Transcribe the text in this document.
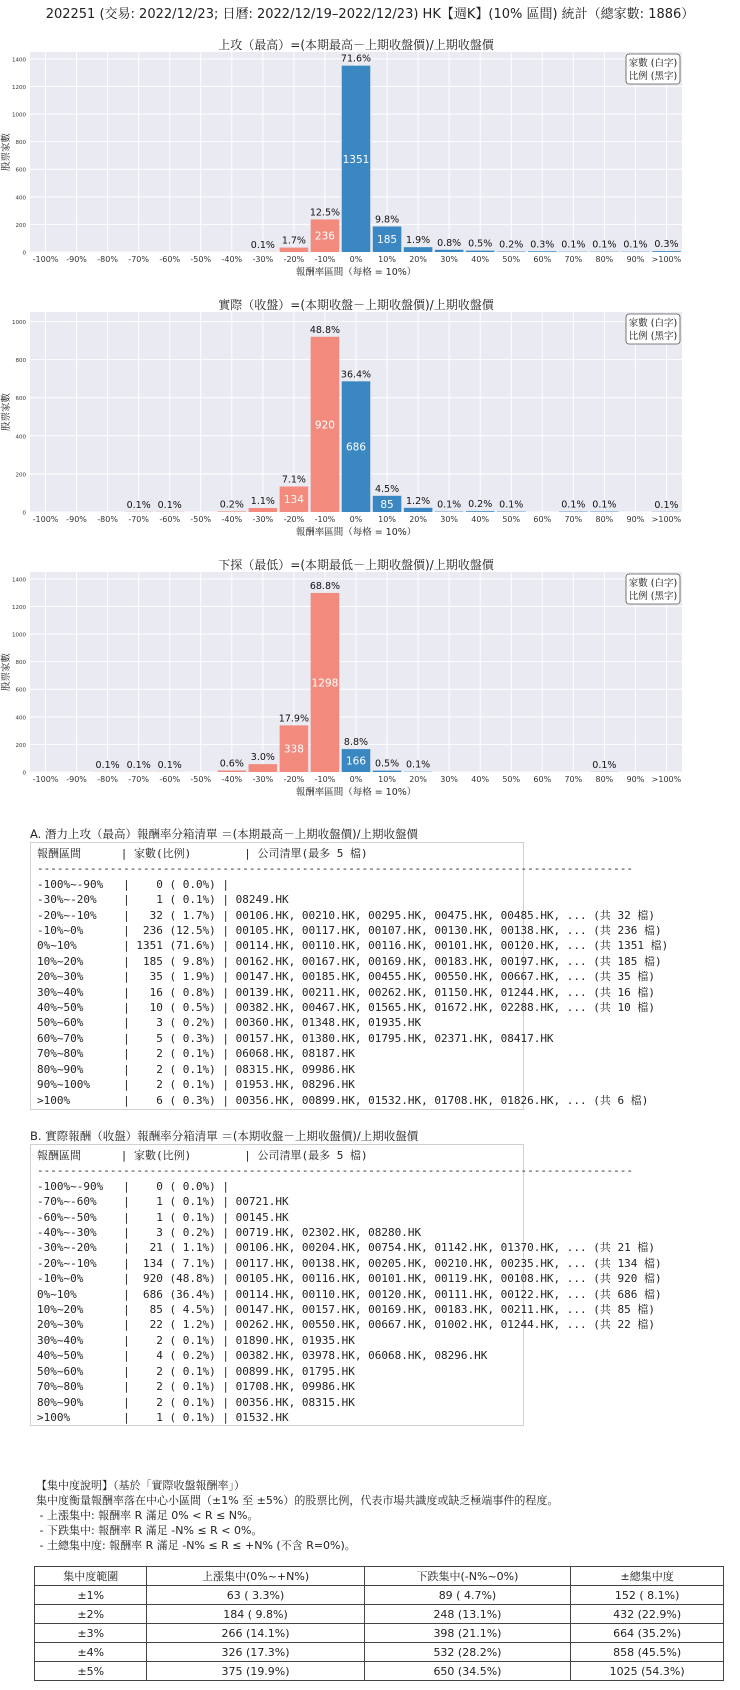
202251 (交易: 2022/12/23; 日曆: 2022/12/19–2022/12/23) HK【週K】(10% 區間) 統計（總家數: 1886）
上攻（最高）=(本期最高－上期收盤價)/上期收盤價
0
200
400
600
800
1000
1200
1400
-100% -90% -80% -70% -60% -50% -40%
0.1%
-30%
1.7%
-20%
236
12.5%
-10%
1351
71.6%
0%
185
9.8%
10%
1.9%
20%
0.8%
30%
0.5%
40%
0.2%
50%
0.3%
60%
0.1%
70%
0.1%
80%
0.1%
90%
0.3%
>100%
報酬率區間（每格 = 10%）
股票家數
家數 (白字)
比例 (黑字)
實際（收盤）=(本期收盤－上期收盤價)/上期收盤價
0
200
400
600
800
1000
-100% -90% -80%
0.1%
-70%
0.1%
-60% -50%
0.2%
-40%
1.1%
-30%
134
7.1%
-20%
920
48.8%
-10%
686
36.4%
0%
85
4.5%
10%
1.2%
20%
0.1%
30%
0.2%
40%
0.1%
50% 60%
0.1%
70%
0.1%
80% 90%
0.1%
>100%
報酬率區間（每格 = 10%）
股票家數
家數 (白字)
比例 (黑字)
下探（最低）=(本期最低－上期收盤價)/上期收盤價
0
200
400
600
800
1000
1200
1400
-100% -90%
0.1%
-80%
0.1%
-70%
0.1%
-60% -50%
0.6%
-40%
3.0%
-30%
338
17.9%
-20%
1298
68.8%
-10%
166
8.8%
0%
0.5%
10%
0.1%
20% 30% 40% 50% 60% 70%
0.1%
80% 90% >100%
報酬率區間（每格 = 10%）
股票家數
家數 (白字)
比例 (黑字)
A. 潛力上攻（最高）報酬率分箱清單 ＝(本期最高－上期收盤價)/上期收盤價
報酬區間      | 家數(比例)        | 公司清單(最多 5 檔)
------------------------------------------------------------------------------------------
-100%~-90%   |    0 ( 0.0%) |
-30%~-20%    |    1 ( 0.1%) | 08249.HK
-20%~-10%    |   32 ( 1.7%) | 00106.HK, 00210.HK, 00295.HK, 00475.HK, 00485.HK, ... (共 32 檔)
-10%~0%      |  236 (12.5%) | 00105.HK, 00117.HK, 00107.HK, 00130.HK, 00138.HK, ... (共 236 檔)
0%~10%       | 1351 (71.6%) | 00114.HK, 00110.HK, 00116.HK, 00101.HK, 00120.HK, ... (共 1351 檔)
10%~20%      |  185 ( 9.8%) | 00162.HK, 00167.HK, 00169.HK, 00183.HK, 00197.HK, ... (共 185 檔)
20%~30%      |   35 ( 1.9%) | 00147.HK, 00185.HK, 00455.HK, 00550.HK, 00667.HK, ... (共 35 檔)
30%~40%      |   16 ( 0.8%) | 00139.HK, 00211.HK, 00262.HK, 01150.HK, 01244.HK, ... (共 16 檔)
40%~50%      |   10 ( 0.5%) | 00382.HK, 00467.HK, 01565.HK, 01672.HK, 02288.HK, ... (共 10 檔)
50%~60%      |    3 ( 0.2%) | 00360.HK, 01348.HK, 01935.HK
60%~70%      |    5 ( 0.3%) | 00157.HK, 01380.HK, 01795.HK, 02371.HK, 08417.HK
70%~80%      |    2 ( 0.1%) | 06068.HK, 08187.HK
80%~90%      |    2 ( 0.1%) | 08315.HK, 09986.HK
90%~100%     |    2 ( 0.1%) | 01953.HK, 08296.HK
>100%        |    6 ( 0.3%) | 00356.HK, 00899.HK, 01532.HK, 01708.HK, 01826.HK, ... (共 6 檔)
B. 實際報酬（收盤）報酬率分箱清單 ＝(本期收盤－上期收盤價)/上期收盤價
報酬區間      | 家數(比例)        | 公司清單(最多 5 檔)
------------------------------------------------------------------------------------------
-100%~-90%   |    0 ( 0.0%) |
-70%~-60%    |    1 ( 0.1%) | 00721.HK
-60%~-50%    |    1 ( 0.1%) | 00145.HK
-40%~-30%    |    3 ( 0.2%) | 00719.HK, 02302.HK, 08280.HK
-30%~-20%    |   21 ( 1.1%) | 00106.HK, 00204.HK, 00754.HK, 01142.HK, 01370.HK, ... (共 21 檔)
-20%~-10%    |  134 ( 7.1%) | 00117.HK, 00138.HK, 00205.HK, 00210.HK, 00235.HK, ... (共 134 檔)
-10%~0%      |  920 (48.8%) | 00105.HK, 00116.HK, 00101.HK, 00119.HK, 00108.HK, ... (共 920 檔)
0%~10%       |  686 (36.4%) | 00114.HK, 00110.HK, 00120.HK, 00111.HK, 00122.HK, ... (共 686 檔)
10%~20%      |   85 ( 4.5%) | 00147.HK, 00157.HK, 00169.HK, 00183.HK, 00211.HK, ... (共 85 檔)
20%~30%      |   22 ( 1.2%) | 00262.HK, 00550.HK, 00667.HK, 01002.HK, 01244.HK, ... (共 22 檔)
30%~40%      |    2 ( 0.1%) | 01890.HK, 01935.HK
40%~50%      |    4 ( 0.2%) | 00382.HK, 03978.HK, 06068.HK, 08296.HK
50%~60%      |    2 ( 0.1%) | 00899.HK, 01795.HK
70%~80%      |    2 ( 0.1%) | 01708.HK, 09986.HK
80%~90%      |    2 ( 0.1%) | 00356.HK, 08315.HK
>100%        |    1 ( 0.1%) | 01532.HK
【集中度說明】（基於「實際收盤報酬率」）
集中度衡量報酬率落在中心小區間（±1% 至 ±5%）的股票比例，代表市場共識度或缺乏極端事件的程度。
- 上漲集中: 報酬率 R 滿足 0% < R ≤ N%。
- 下跌集中: 報酬率 R 滿足 -N% ≤ R < 0%。
- 土總集中度: 報酬率 R 滿足 -N% ≤ R ≤ +N% (不含 R=0%)。
集中度範圍	上漲集中(0%~+N%)	下跌集中(-N%~0%)	±總集中度
±1%	63 ( 3.3%)	89 ( 4.7%)	152 ( 8.1%)
±2%	184 ( 9.8%)	248 (13.1%)	432 (22.9%)
±3%	266 (14.1%)	398 (21.1%)	664 (35.2%)
±4%	326 (17.3%)	532 (28.2%)	858 (45.5%)
±5%	375 (19.9%)	650 (34.5%)	1025 (54.3%)
